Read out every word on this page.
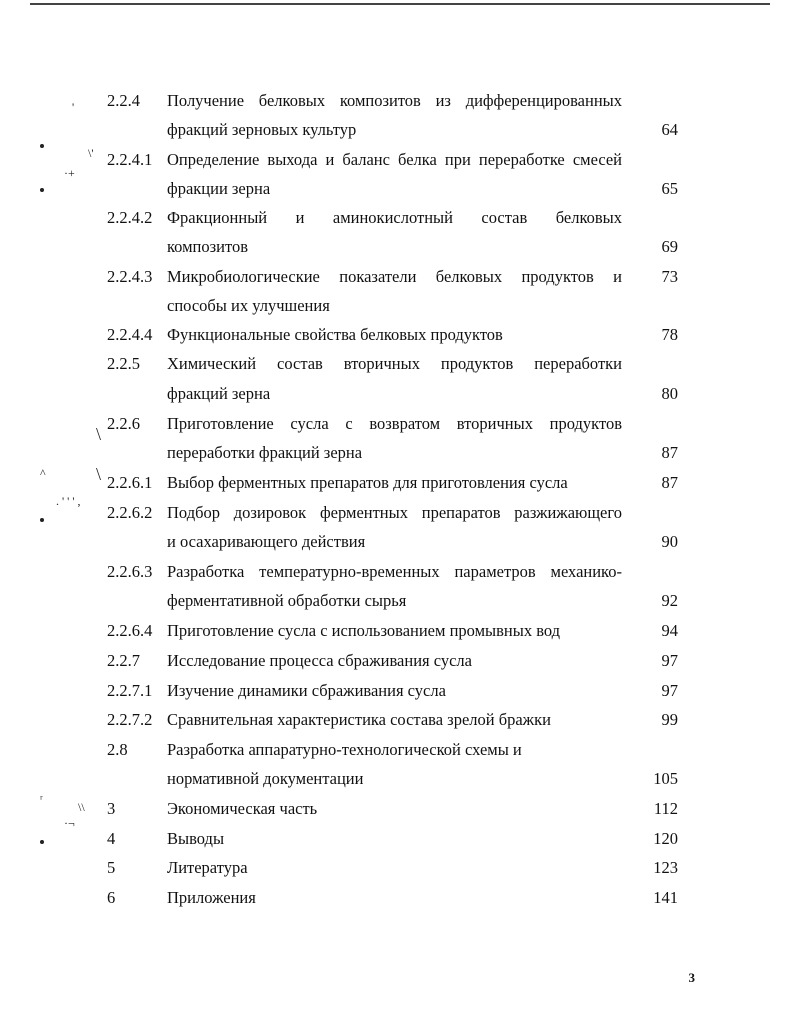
2.2.4 Получение белковых композитов из дифференцированных
фракций зерновых культур	64
2.2.4.1 Определение выхода и баланс белка при переработке смесей
фракции зерна	65
2.2.4.2 Фракционный и аминокислотный состав белковых
композитов	69
2.2.4.3 Микробиологические показатели белковых продуктов и 73
способы их улучшения
2.2.4.4 Функциональные свойства белковых продуктов	78
2.2.5 Химический состав вторичных продуктов переработки
фракций зерна	80
2.2.6 Приготовление сусла с возвратом вторичных продуктов
переработки фракций зерна	87
2.2.6.1 Выбор ферментных препаратов для приготовления сусла	87
2.2.6.2 Подбор дозировок ферментных препаратов разжижающего
и осахаривающего действия	90
2.2.6.3 Разработка температурно-временных параметров механико-
ферментативной обработки сырья	92
2.2.6.4 Приготовление сусла с использованием промывных вод	94
2.2.7 Исследование процесса сбраживания сусла	97
2.2.7.1 Изучение динамики сбраживания сусла	97
2.2.7.2 Сравнительная характеристика состава зрелой бражки	99
2.8 Разработка аппаратурно-технологической схемы и
нормативной документации	105
3	Экономическая часть	112
4	Выводы	120
5	Литература	123
6	Приложения	141
'
\'
·+
\
^	\
. ' ' ' ,
ʳ
\\
·¬
3
